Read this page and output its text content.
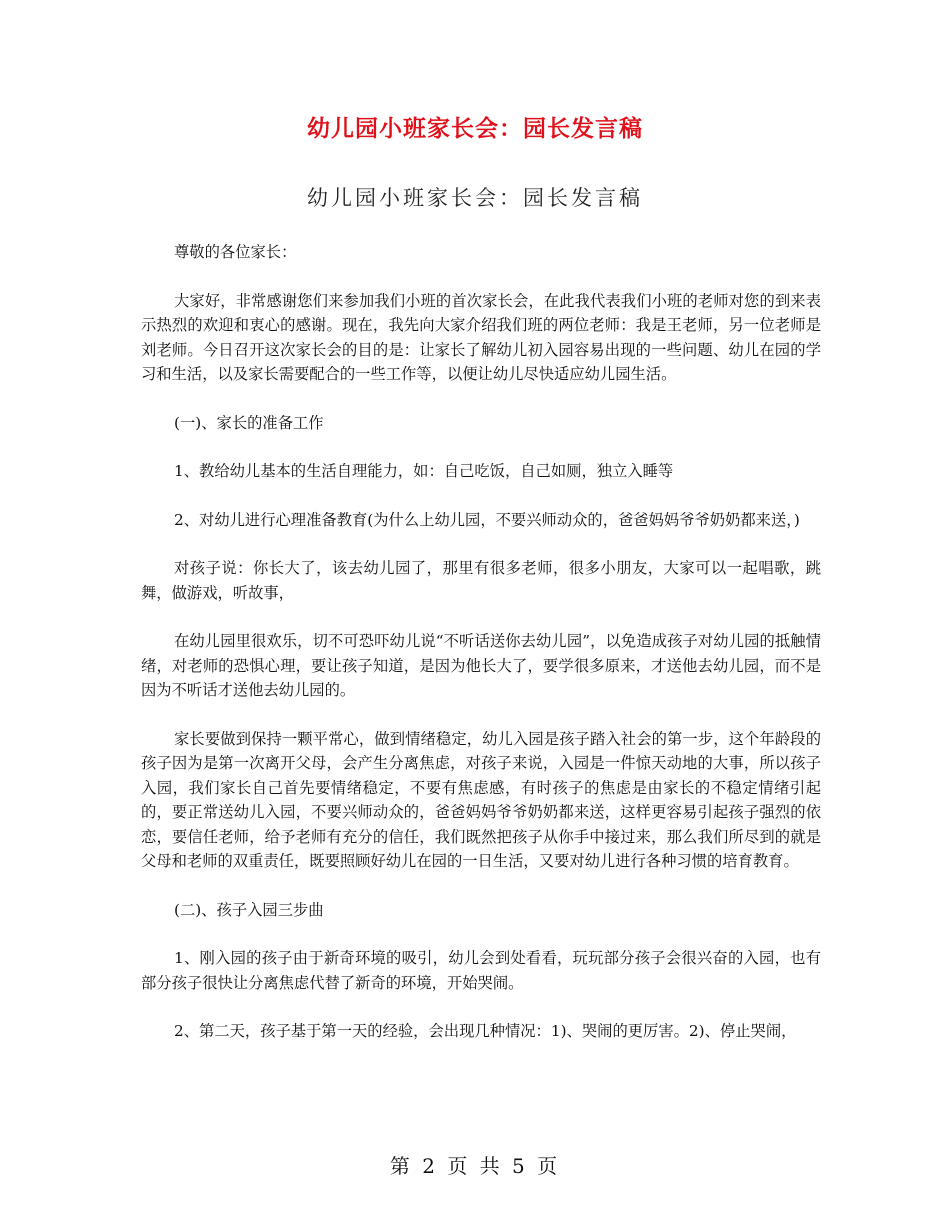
幼儿园小班家长会：园长发言稿
幼儿园小班家长会：园长发言稿

尊敬的各位家长：

大家好，非常感谢您们来参加我们小班的首次家长会，在此我代表我们小班的老师对您的到来表示热烈的欢迎和衷心的感谢。现在，我先向大家介绍我们班的两位老师：我是王老师，另一位老师是刘老师。今日召开这次家长会的目的是：让家长了解幼儿初入园容易出现的一些问题、幼儿在园的学习和生活，以及家长需要配合的一些工作等，以便让幼儿尽快适应幼儿园生活。

(一)、家长的准备工作

1、教给幼儿基本的生活自理能力，如：自己吃饭，自己如厕，独立入睡等

2、对幼儿进行心理准备教育(为什么上幼儿园，不要兴师动众的，爸爸妈妈爷爷奶奶都来送，)

对孩子说：你长大了，该去幼儿园了，那里有很多老师，很多小朋友，大家可以一起唱歌，跳舞，做游戏，听故事，

在幼儿园里很欢乐，切不可恐吓幼儿说“不听话送你去幼儿园”，以免造成孩子对幼儿园的抵触情绪，对老师的恐惧心理，要让孩子知道，是因为他长大了，要学很多原来，才送他去幼儿园，而不是因为不听话才送他去幼儿园的。

家长要做到保持一颗平常心，做到情绪稳定，幼儿入园是孩子踏入社会的第一步，这个年龄段的孩子因为是第一次离开父母，会产生分离焦虑，对孩子来说，入园是一件惊天动地的大事，所以孩子入园，我们家长自己首先要情绪稳定，不要有焦虑感，有时孩子的焦虑是由家长的不稳定情绪引起的，要正常送幼儿入园，不要兴师动众的，爸爸妈妈爷爷奶奶都来送，这样更容易引起孩子强烈的依恋，要信任老师，给予老师有充分的信任，我们既然把孩子从你手中接过来，那么我们所尽到的就是父母和老师的双重责任，既要照顾好幼儿在园的一日生活，又要对幼儿进行各种习惯的培育教育。

(二)、孩子入园三步曲

1、刚入园的孩子由于新奇环境的吸引，幼儿会到处看看，玩玩部分孩子会很兴奋的入园，也有部分孩子很快让分离焦虑代替了新奇的环境，开始哭闹。

2、第二天，孩子基于第一天的经验，会出现几种情况：1)、哭闹的更厉害。2)、停止哭闹，

第 2 页 共 5 页
